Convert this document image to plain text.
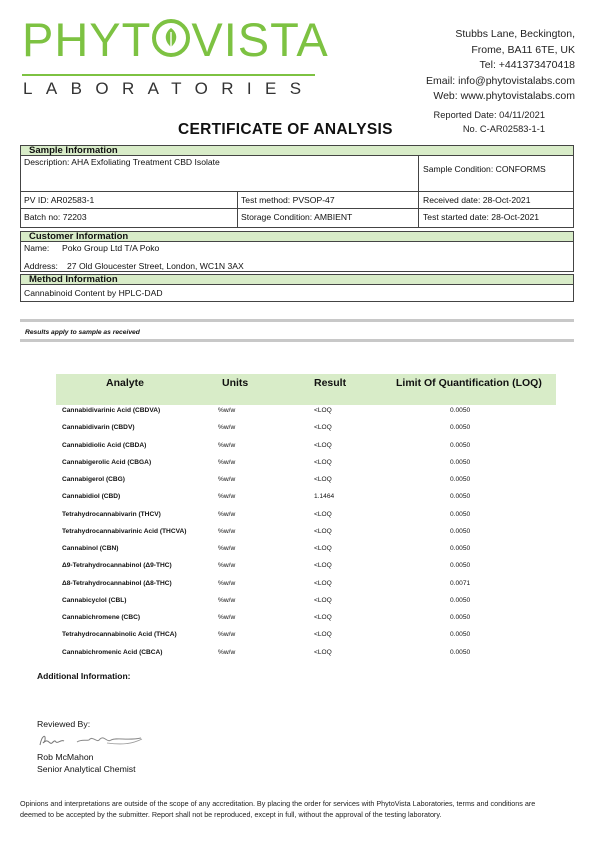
PHYT VISTA
LABORATORIES
Stubbs Lane, Beckington,
Frome, BA11 6TE, UK
Tel: +441373470418
Email: info@phytovistalabs.com
Web: www.phytovistalabs.com
Reported Date: 04/11/2021
No. C-AR02583-1-1
CERTIFICATE OF ANALYSIS
Sample Information
Description: AHA Exfoliating Treatment CBD Isolate
Sample Condition: CONFORMS
PV ID: AR02583-1	Test method: PVSOP-47	Received date: 28-Oct-2021
Batch no: 72203	Storage Condition: AMBIENT	Test started date: 28-Oct-2021
Customer Information
Name: Poko Group Ltd T/A Poko
Address: 27 Old Gloucester Street, London, WC1N 3AX
Method Information
Cannabinoid Content by HPLC-DAD
Results apply to sample as received
Analyte	Units	Result	Limit Of Quantification (LOQ)
Cannabidivarinic Acid (CBDVA)	%w/w	<LOQ	0.0050
Cannabidivarin (CBDV)	%w/w	<LOQ	0.0050
Cannabidiolic Acid (CBDA)	%w/w	<LOQ	0.0050
Cannabigerolic Acid (CBGA)	%w/w	<LOQ	0.0050
Cannabigerol (CBG)	%w/w	<LOQ	0.0050
Cannabidiol (CBD)	%w/w	1.1464	0.0050
Tetrahydrocannabivarin (THCV)	%w/w	<LOQ	0.0050
Tetrahydrocannabivarinic Acid (THCVA)	%w/w	<LOQ	0.0050
Cannabinol (CBN)	%w/w	<LOQ	0.0050
Δ9-Tetrahydrocannabinol (Δ9-THC)	%w/w	<LOQ	0.0050
Δ8-Tetrahydrocannabinol (Δ8-THC)	%w/w	<LOQ	0.0071
Cannabicyclol (CBL)	%w/w	<LOQ	0.0050
Cannabichromene (CBC)	%w/w	<LOQ	0.0050
Tetrahydrocannabinolic Acid (THCA)	%w/w	<LOQ	0.0050
Cannabichromenic Acid (CBCA)	%w/w	<LOQ	0.0050
Additional Information:
Reviewed By:
Rob McMahon
Senior Analytical Chemist
Opinions and interpretations are outside of the scope of any accreditation. By placing the order for services with PhytoVista Laboratories, terms and conditions are deemed to be accepted by the submitter. Report shall not be reproduced, except in full, without the approval of the testing laboratory.
